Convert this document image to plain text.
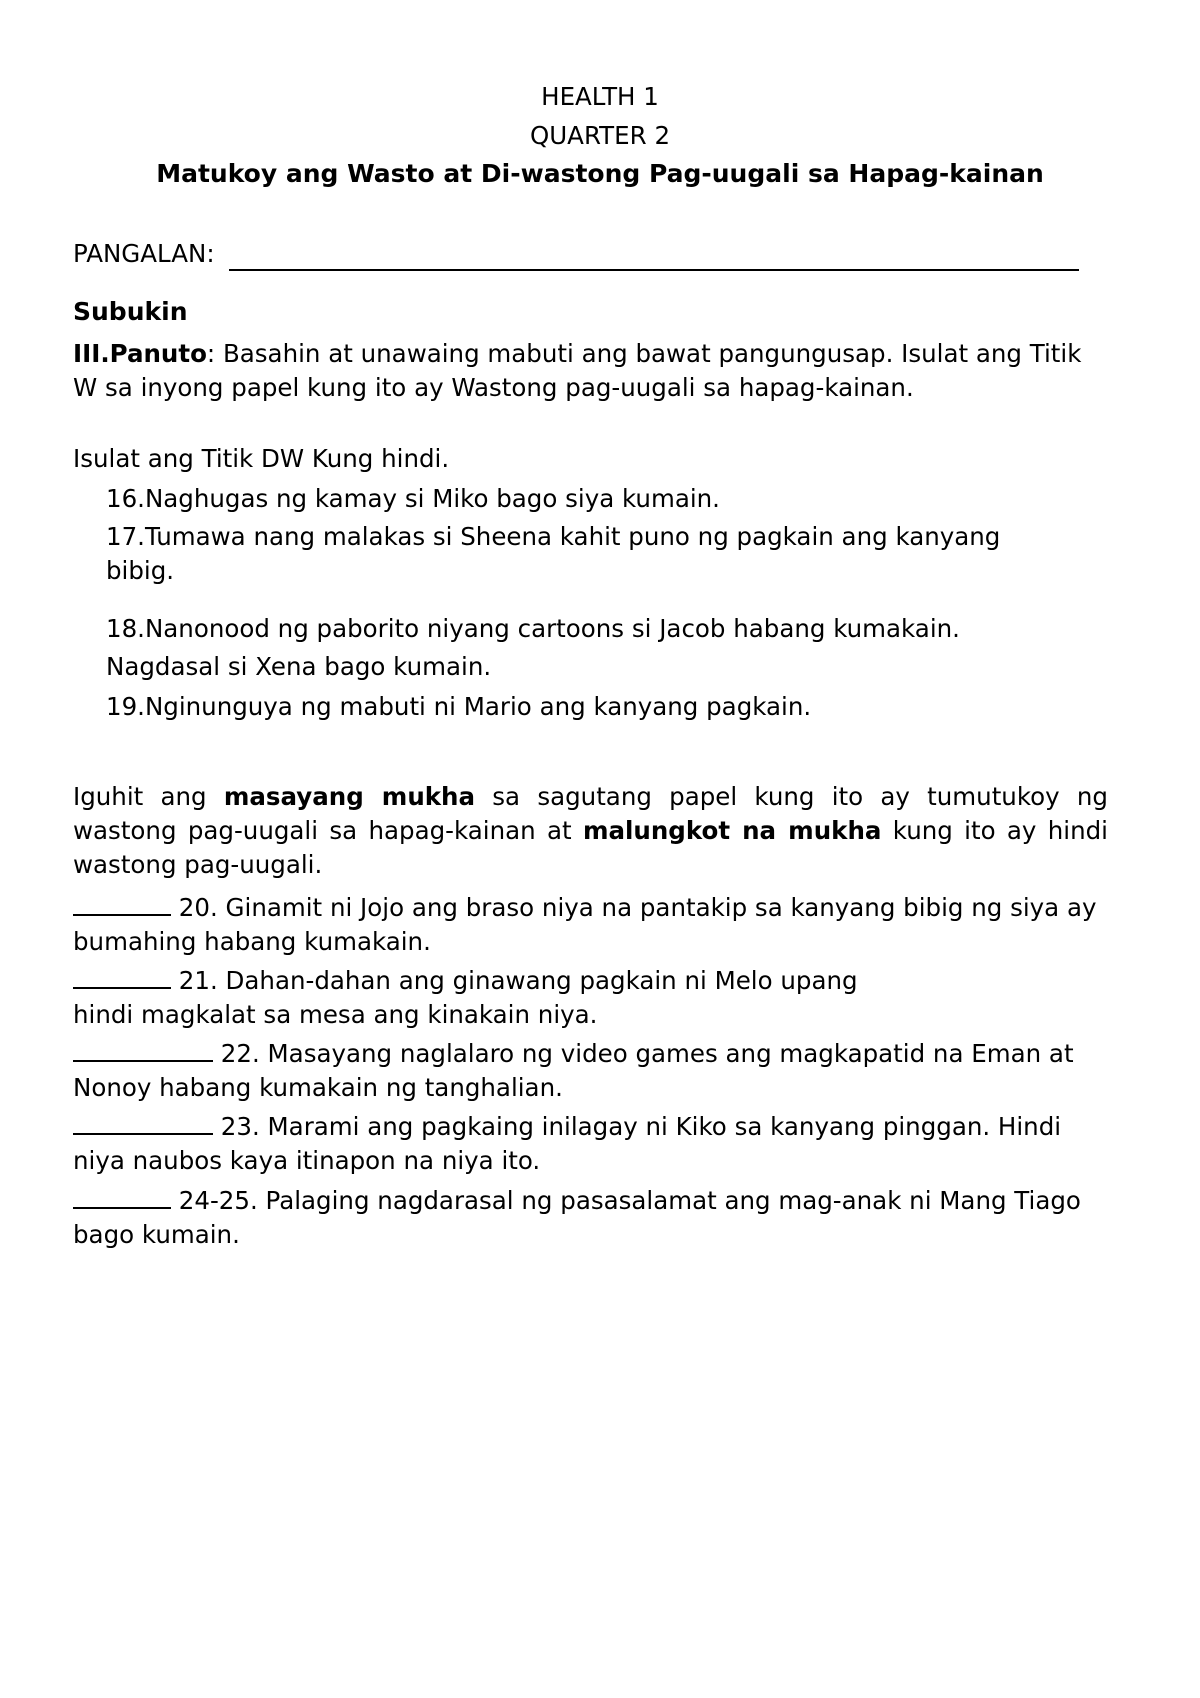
HEALTH 1
QUARTER 2
Matukoy ang Wasto at Di-wastong Pag-uugali sa Hapag-kainan
PANGALAN:
Subukin
III.Panuto: Basahin at unawaing mabuti ang bawat pangungusap. Isulat ang Titik W sa inyong papel kung ito ay Wastong pag-uugali sa hapag-kainan.
Isulat ang Titik DW Kung hindi.
16.Naghugas ng kamay si Miko bago siya kumain.
17.Tumawa nang malakas si Sheena kahit puno ng pagkain ang kanyang bibig.
18.Nanonood ng paborito niyang cartoons si Jacob habang kumakain.
Nagdasal si Xena bago kumain.
19.Nginunguya ng mabuti ni Mario ang kanyang pagkain.
Iguhit ang masayang mukha sa sagutang papel kung ito ay tumutukoy ng wastong pag-uugali sa hapag-kainan at malungkot na mukha kung ito ay hindi wastong pag-uugali.
20. Ginamit ni Jojo ang braso niya na pantakip sa kanyang bibig ng siya ay bumahing habang kumakain.
21. Dahan-dahan ang ginawang pagkain ni Melo upang
hindi magkalat sa mesa ang kinakain niya.
22. Masayang naglalaro ng video games ang magkapatid na Eman at Nonoy habang kumakain ng tanghalian.
23. Marami ang pagkaing inilagay ni Kiko sa kanyang pinggan. Hindi niya naubos kaya itinapon na niya ito.
24-25. Palaging nagdarasal ng pasasalamat ang mag-anak ni Mang Tiago bago kumain.
